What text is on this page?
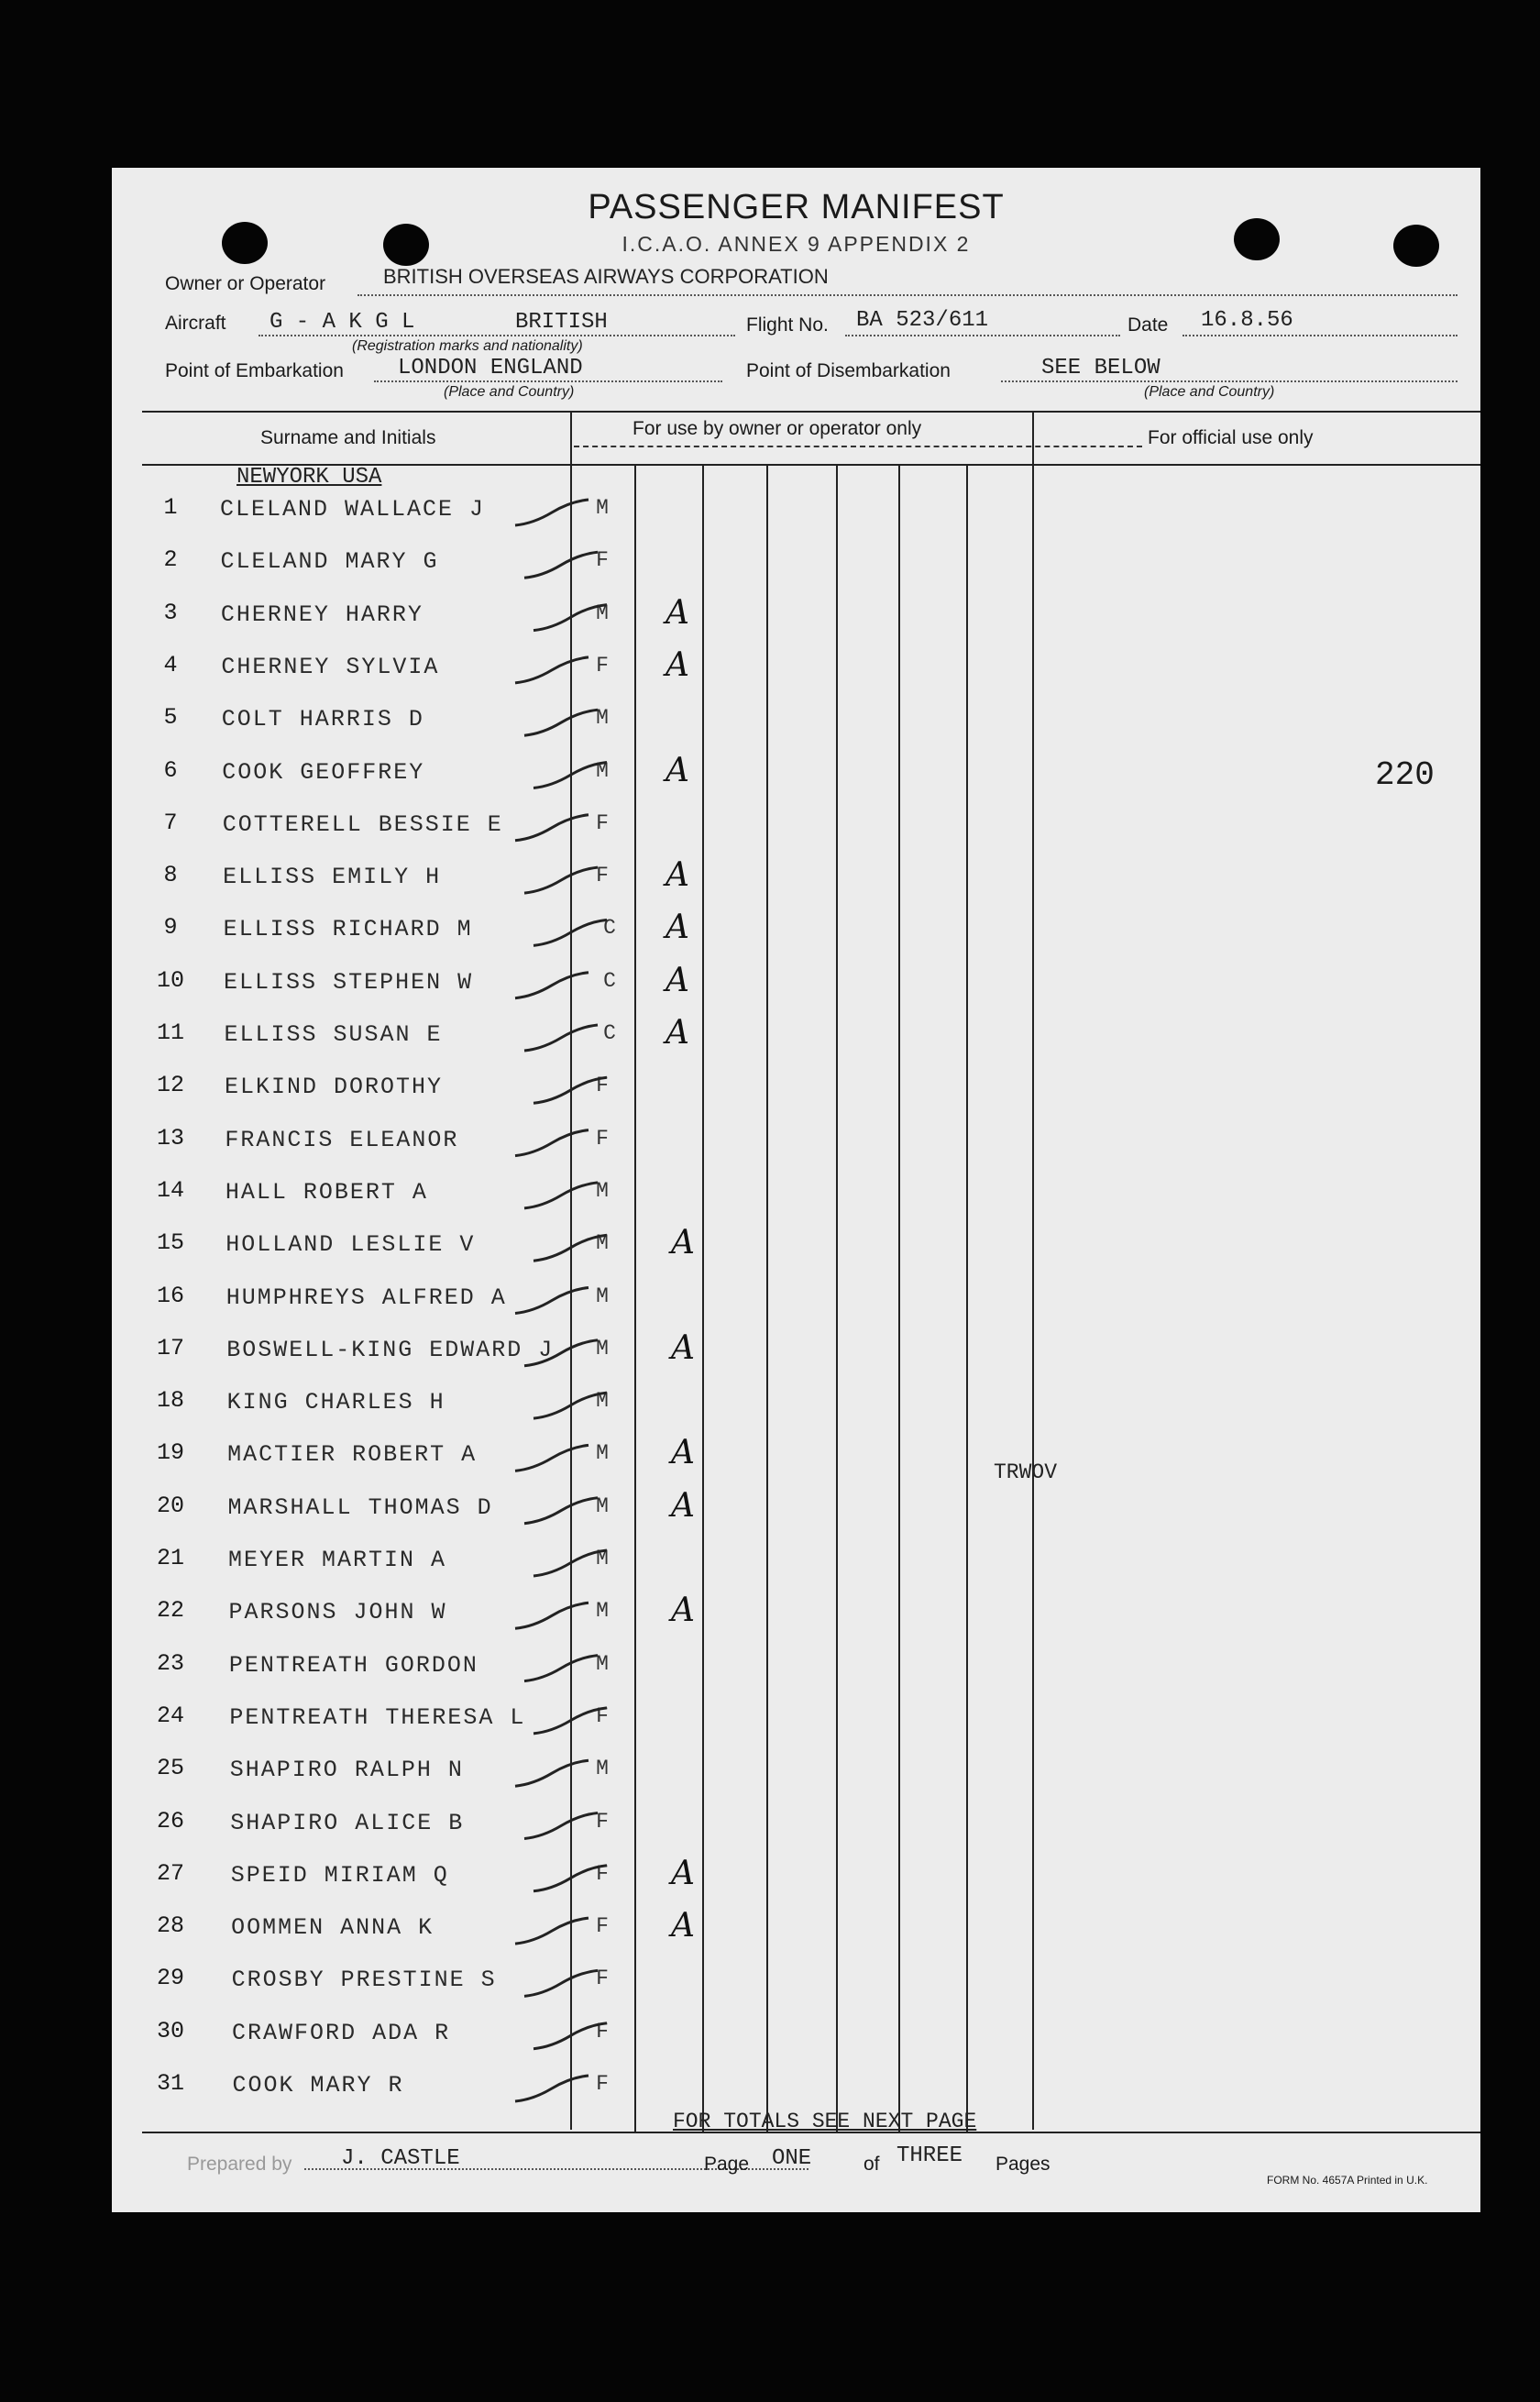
PASSENGER MANIFEST
I.C.A.O. ANNEX 9 APPENDIX 2
Owner or Operator	BRITISH OVERSEAS AIRWAYS CORPORATION
Aircraft G - A K G L	BRITISH
(Registration marks and nationality)
Flight No. BA 523/611	Date 16.8.56
Point of Embarkation LONDON ENGLAND
(Place and Country)
Point of Disembarkation	SEE BELOW
(Place and Country)
Surname and Initials	For use by owner or operator only	For official use only
NEWYORK USA
1	CLELAND WALLACE J	M
2	CLELAND MARY G	F
3	CHERNEY HARRY	M A
4	CHERNEY SYLVIA	F A
5	COLT HARRIS D	M
6	COOK GEOFFREY	M A
7	COTTERELL BESSIE E	F
8	ELLISS EMILY H	F A
9	ELLISS RICHARD M	C A
10	ELLISS STEPHEN W	C A
11	ELLISS SUSAN E	C A
12	ELKIND DOROTHY	F
13	FRANCIS ELEANOR	F
14	HALL ROBERT A	M
15	HOLLAND LESLIE V	M A
16	HUMPHREYS ALFRED A	M
17	BOSWELL-KING EDWARD J	M A
18	KING CHARLES H	M
19	MACTIER ROBERT A	M A
20	MARSHALL THOMAS D	M A
21	MEYER MARTIN A	M
22	PARSONS JOHN W	M A
23	PENTREATH GORDON	M
24	PENTREATH THERESA L	F
25	SHAPIRO RALPH N	M
26	SHAPIRO ALICE B	F
27	SPEID MIRIAM Q	F A
28	OOMMEN ANNA K	F A
29	CROSBY PRESTINE S	F
30	CRAWFORD ADA R	F
31	COOK MARY R	F
220
TRWOV
FOR TOTALS SEE NEXT PAGE
Prepared by J. CASTLE	Page ONE	of THREE Pages
FORM No. 4657A Printed in U.K.
